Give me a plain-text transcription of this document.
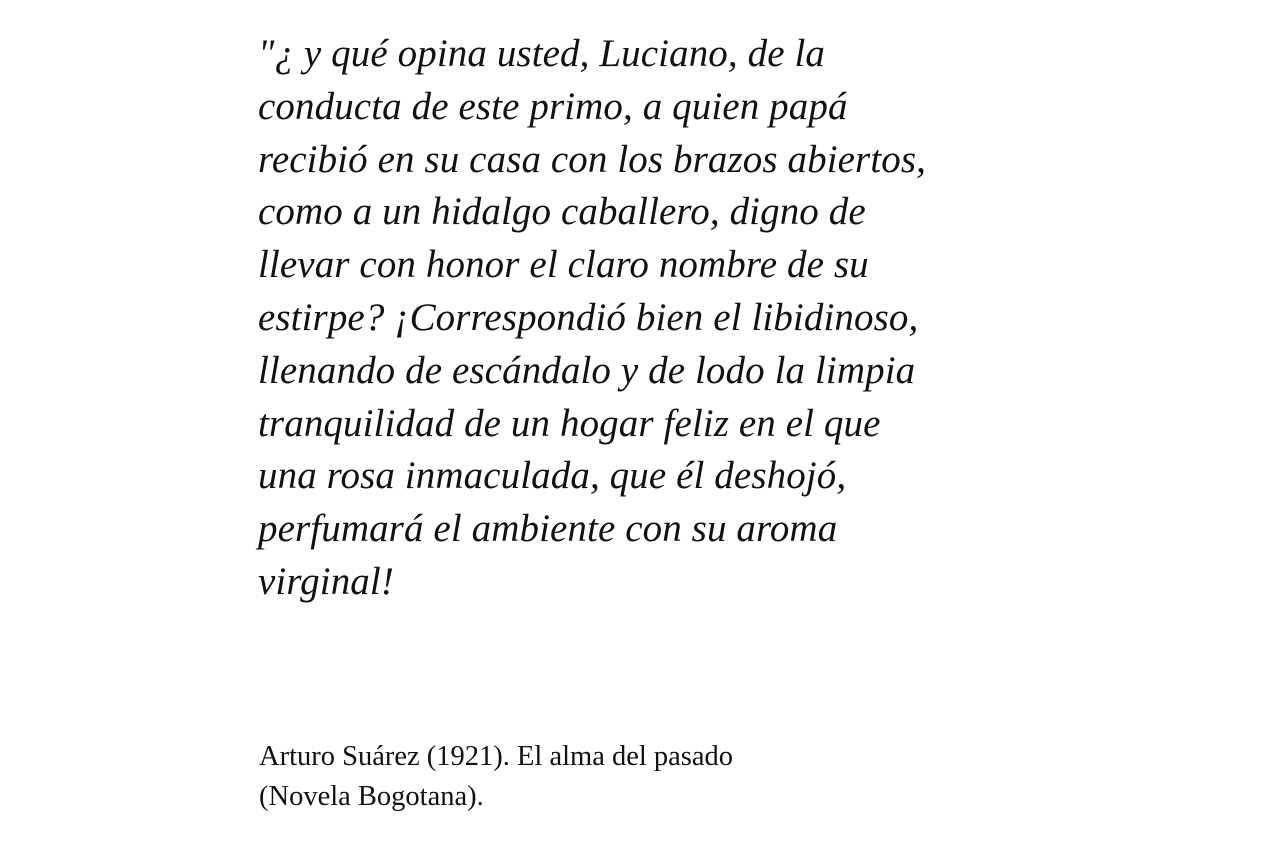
"¿ y qué opina usted, Luciano, de la
conducta de este primo, a quien papá
recibió en su casa con los brazos abiertos,
como a un hidalgo caballero, digno de
llevar con honor el claro nombre de su
estirpe? ¡Correspondió bien el libidinoso,
llenando de escándalo y de lodo la limpia
tranquilidad de un hogar feliz en el que
una rosa inmaculada, que él deshojó,
perfumará el ambiente con su aroma
virginal!
Arturo Suárez (1921). El alma del pasado
(Novela Bogotana).
